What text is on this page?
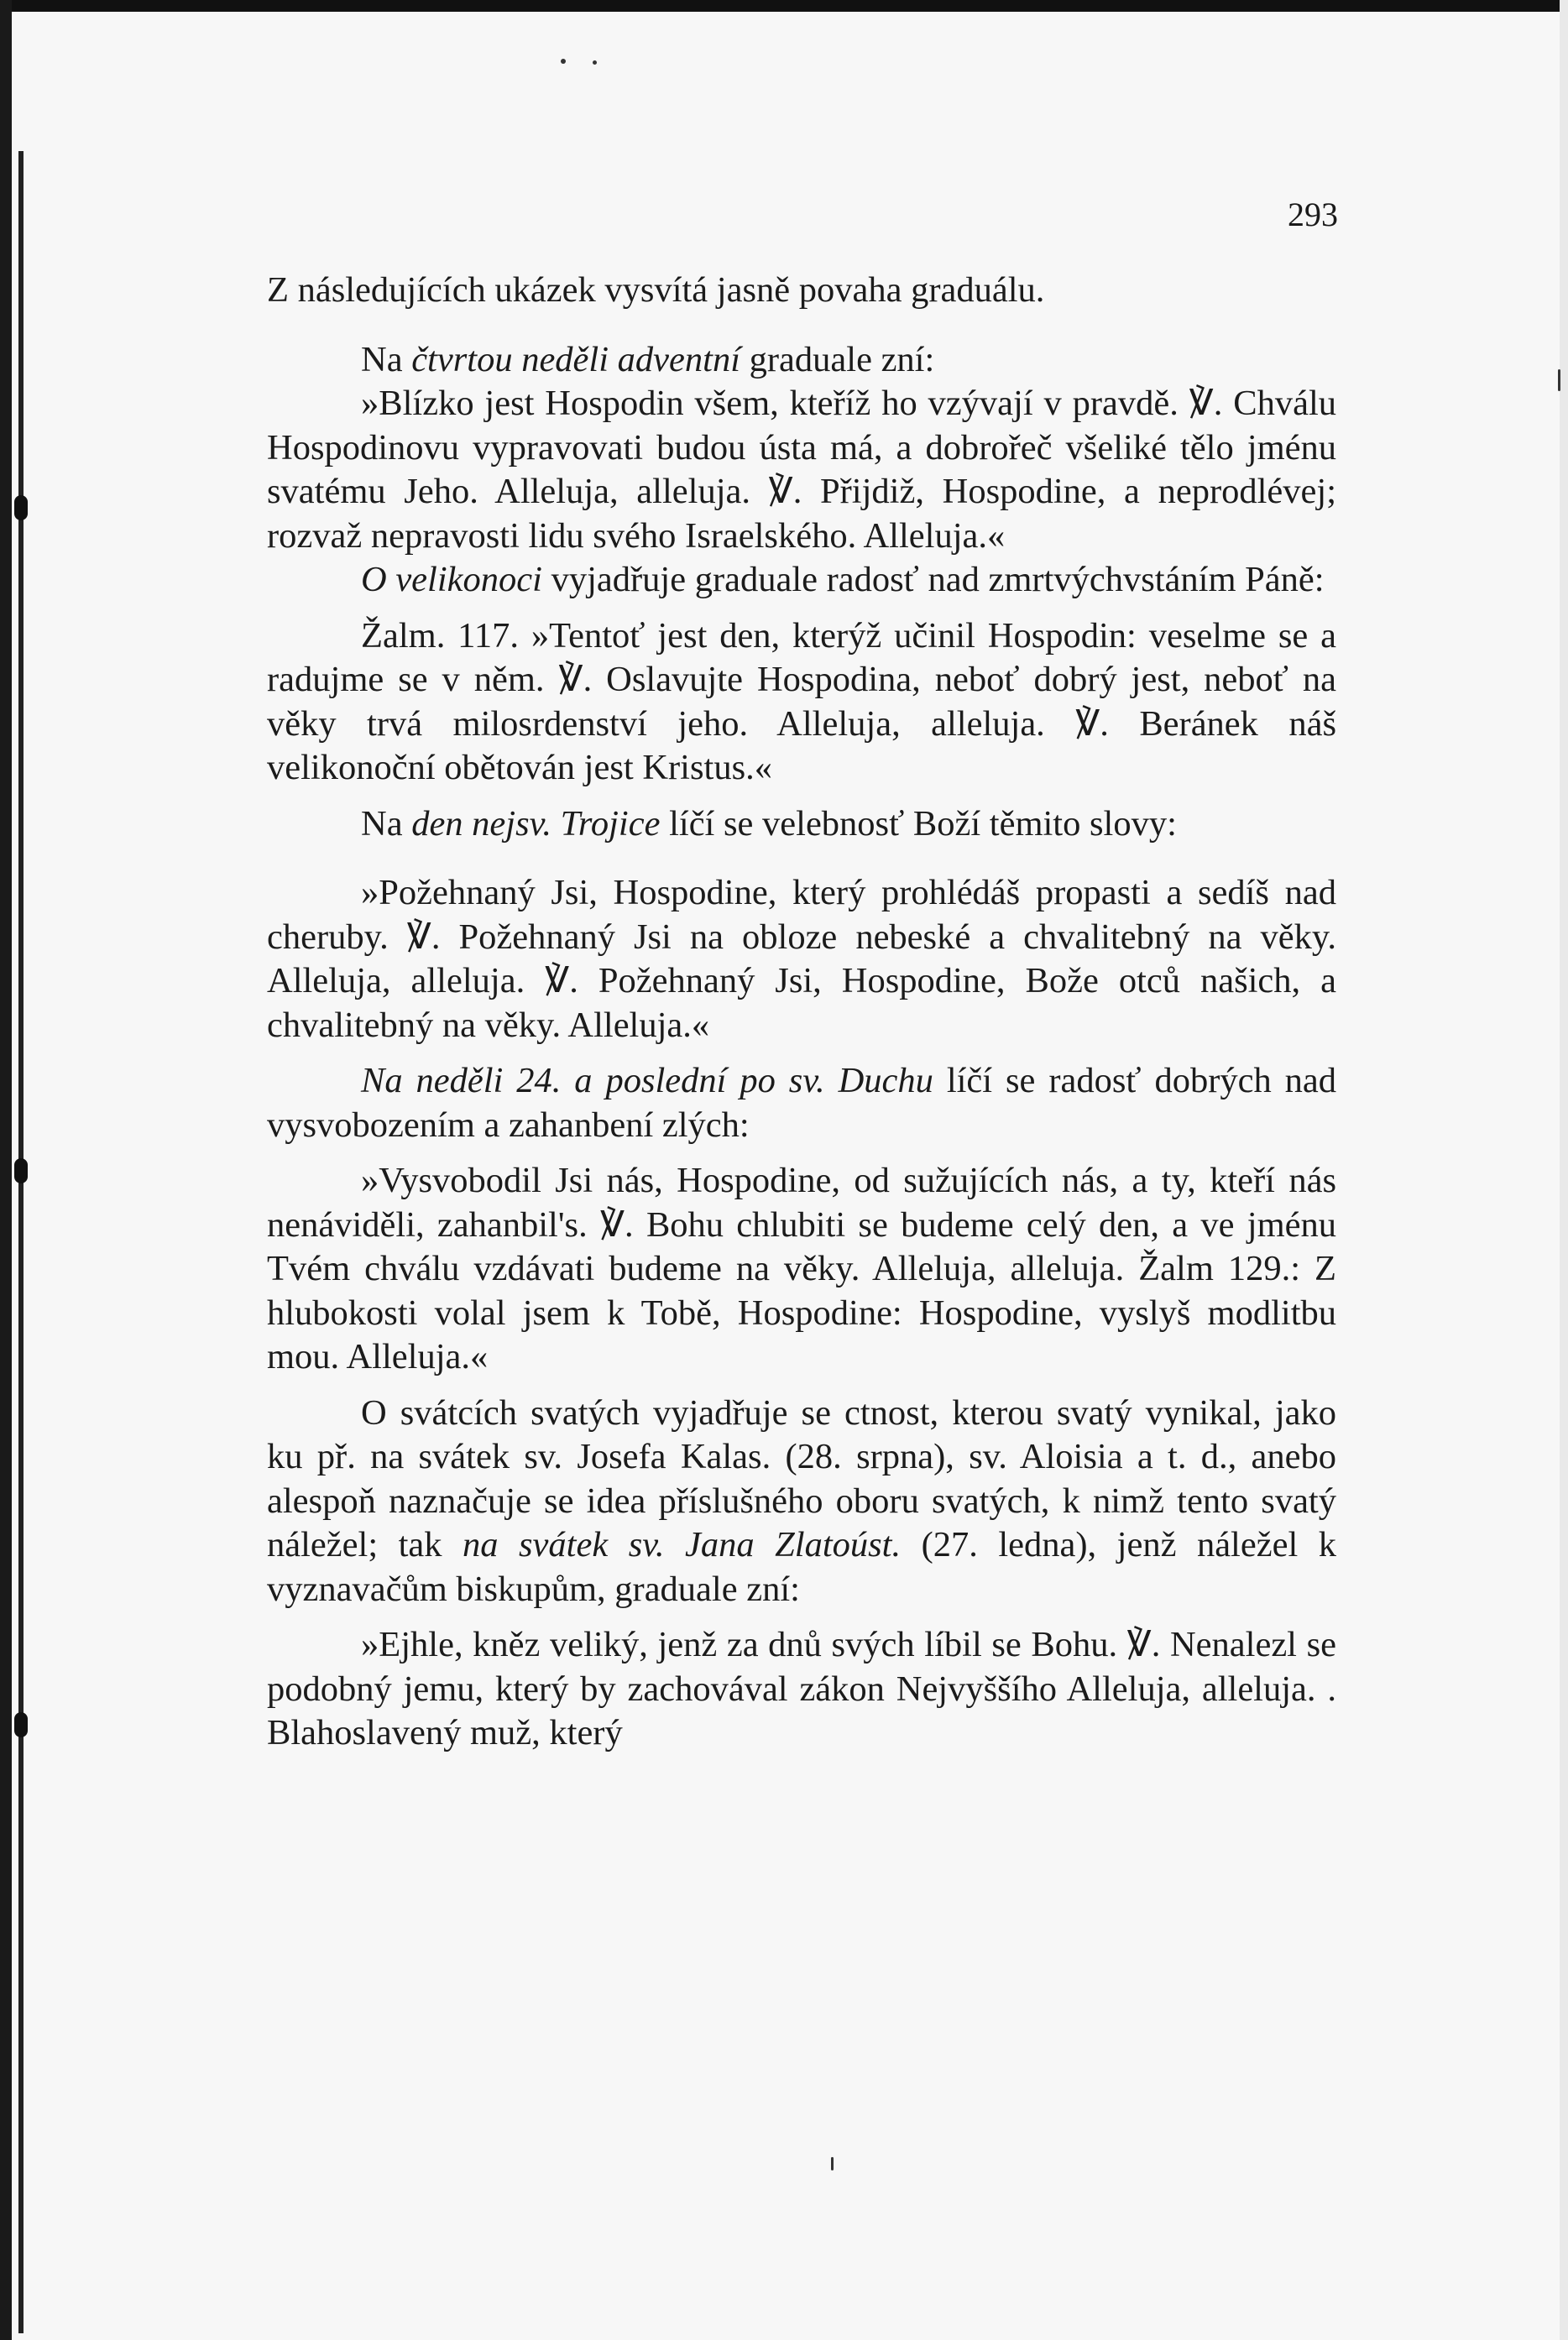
293

Z následujících ukázek vysvítá jasně povaha graduálu.

Na čtvrtou neděli adventní graduale zní:

»Blízko jest Hospodin všem, kteříž ho vzývají v pravdě. ℣. Chválu Hospodinovu vypravovati budou ústa má, a dobrořeč všeliké tělo jménu svatému Jeho. Alleluja, alleluja. ℣. Přijdiž, Hospodine, a neprodlévej; rozvaž nepravosti lidu svého Israelského. Alleluja.«

O velikonoci vyjadřuje graduale radosť nad zmrtvýchvstáním Páně:

Žalm. 117. »Tentoť jest den, kterýž učinil Hospodin: veselme se a radujme se v něm. ℣. Oslavujte Hospodina, neboť dobrý jest, neboť na věky trvá milosrdenství jeho. Alleluja, alleluja. ℣. Beránek náš velikonoční obětován jest Kristus.«

Na den nejsv. Trojice líčí se velebnosť Boží těmito slovy:

»Požehnaný Jsi, Hospodine, který prohlédáš propasti a sedíš nad cheruby. ℣. Požehnaný Jsi na obloze nebeské a chvalitebný na věky. Alleluja, alleluja. ℣. Požehnaný Jsi, Hospodine, Bože otců našich, a chvalitebný na věky. Alleluja.«

Na neděli 24. a poslední po sv. Duchu líčí se radosť dobrých nad vysvobozením a zahanbení zlých:

»Vysvobodil Jsi nás, Hospodine, od sužujících nás, a ty, kteří nás nenáviděli, zahanbil's. ℣. Bohu chlubiti se budeme celý den, a ve jménu Tvém chválu vzdávati budeme na věky. Alleluja, alleluja. Žalm 129.: Z hlubokosti volal jsem k Tobě, Hospodine: Hospodine, vyslyš modlitbu mou. Alleluja.«

O svátcích svatých vyjadřuje se ctnost, kterou svatý vynikal, jako ku př. na svátek sv. Josefa Kalas. (28. srpna), sv. Aloisia a t. d., anebo alespoň naznačuje se idea příslušného oboru svatých, k nimž tento svatý náležel; tak na svátek sv. Jana Zlatoúst. (27. ledna), jenž náležel k vyznavačům biskupům, graduale zní:

»Ejhle, kněz veliký, jenž za dnů svých líbil se Bohu. ℣. Nenalezl se podobný jemu, který by zachovával zákon Nejvyššího Alleluja, alleluja. . Blahoslavený muž, který
